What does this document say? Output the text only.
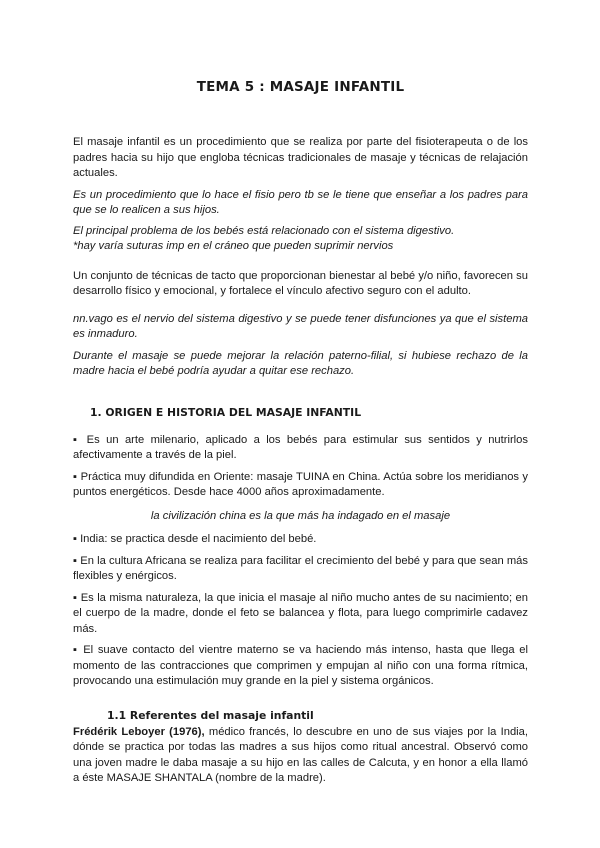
TEMA 5 : MASAJE INFANTIL

El masaje infantil es un procedimiento que se realiza por parte del fisioterapeuta o de los padres hacia su hijo que engloba técnicas tradicionales de masaje y técnicas de relajación actuales.

Es un procedimiento que lo hace el fisio pero tb se le tiene que enseñar a los padres para que se lo realicen a sus hijos.

El principal problema de los bebés está relacionado con el sistema digestivo.

*hay varía suturas imp en el cráneo que pueden suprimir nervios

Un conjunto de técnicas de tacto que proporcionan bienestar al bebé y/o niño, favorecen su desarrollo físico y emocional, y fortalece el vínculo afectivo seguro con el adulto.

nn.vago es el nervio del sistema digestivo y se puede tener disfunciones ya que el sistema es inmaduro.

Durante el masaje se puede mejorar la relación paterno-filial, si hubiese rechazo de la madre hacia el bebé podría ayudar a quitar ese rechazo.

1. ORIGEN E HISTORIA DEL MASAJE INFANTIL

▪ Es un arte milenario, aplicado a los bebés para estimular sus sentidos y nutrirlos afectivamente a través de la piel.

▪ Práctica muy difundida en Oriente: masaje TUINA en China. Actúa sobre los meridianos y puntos energéticos. Desde hace 4000 años aproximadamente.

la civilización china es la que más ha indagado en el masaje

▪ India: se practica desde el nacimiento del bebé.

▪ En la cultura Africana se realiza para facilitar el crecimiento del bebé y para que sean más flexibles y enérgicos.

▪ Es la misma naturaleza, la que inicia el masaje al niño mucho antes de su nacimiento; en el cuerpo de la madre, donde el feto se balancea y flota, para luego comprimirle cadavez más.

▪ El suave contacto del vientre materno se va haciendo más intenso, hasta que llega el momento de las contracciones que comprimen y empujan al niño con una forma rítmica, provocando una estimulación muy grande en la piel y sistema orgánicos.

1.1 Referentes del masaje infantil

Frédérik Leboyer (1976), médico francés, lo descubre en uno de sus viajes por la India, dónde se practica por todas las madres a sus hijos como ritual ancestral. Observó como una joven madre le daba masaje a su hijo en las calles de Calcuta, y en honor a ella llamó a éste MASAJE SHANTALA (nombre de la madre).
